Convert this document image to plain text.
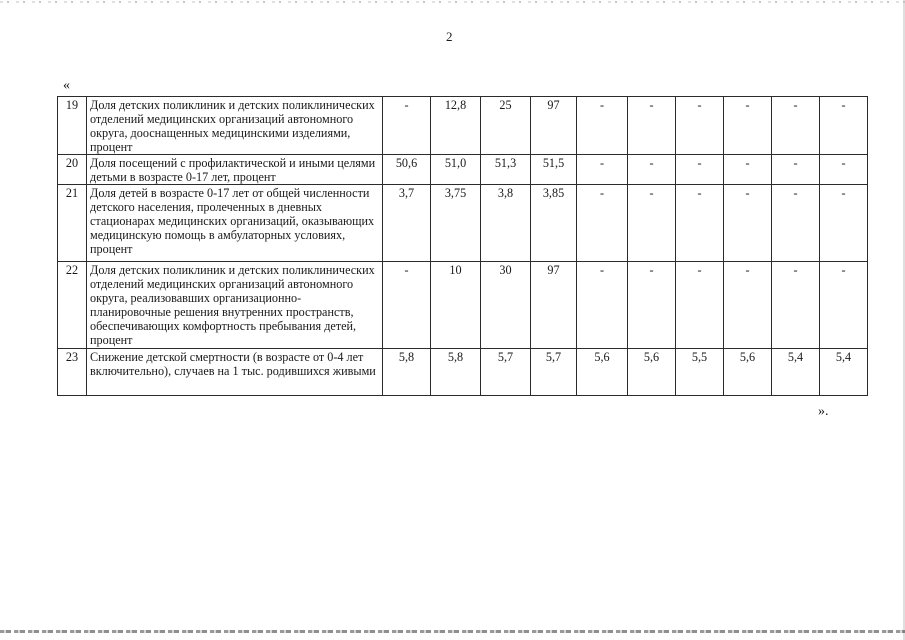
2
«
19	Доля детских поликлиник и детских поликлинических отделений медицинских организаций автономного округа, дооснащенных медицинскими изделиями, процент	-	12,8	25	97	-	-	-	-	-	-
20	Доля посещений с профилактической и иными целями детьми в возрасте 0-17 лет, процент	50,6	51,0	51,3	51,5	-	-	-	-	-	-
21	Доля детей в возрасте 0-17 лет от общей численности детского населения, пролеченных в дневных стационарах медицинских организаций, оказывающих медицинскую помощь в амбулаторных условиях, процент	3,7	3,75	3,8	3,85	-	-	-	-	-	-
22	Доля детских поликлиник и детских поликлинических отделений медицинских организаций автономного округа, реализовавших организационно-планировочные решения внутренних пространств, обеспечивающих комфортность пребывания детей, процент	-	10	30	97	-	-	-	-	-	-
23	Снижение детской смертности (в возрасте от 0-4 лет включительно), случаев на 1 тыс. родившихся живыми	5,8	5,8	5,7	5,7	5,6	5,6	5,5	5,6	5,4	5,4
».
